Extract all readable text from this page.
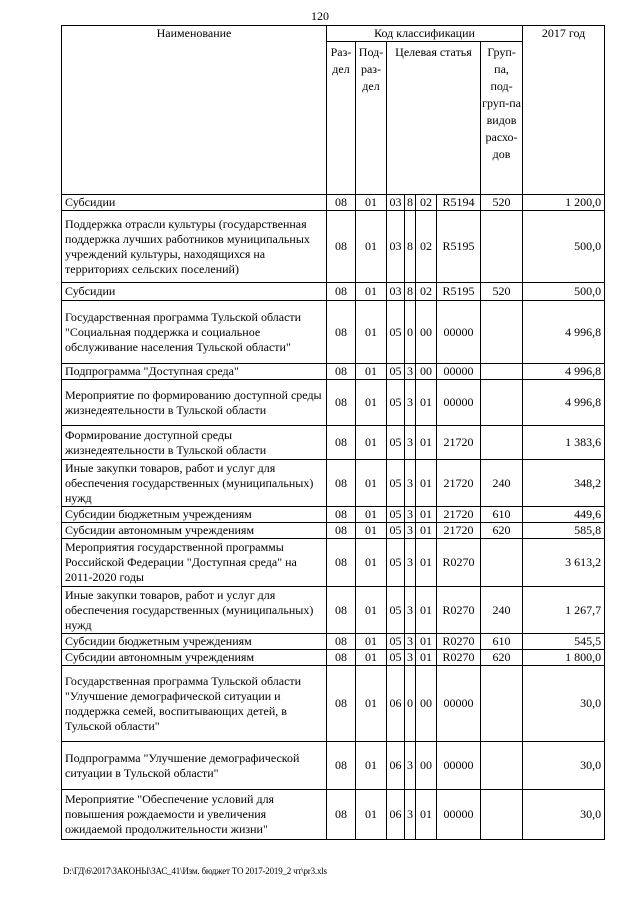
120
Наименование	Код классификации							2017 год
	Раз-дел	Под-раз-дел	Целевая статья				Груп-па, под-груп-па видов расхо-дов	
Субсидии	08	01	03	8	02	R5194	520	1 200,0
Поддержка отрасли культуры (государственная поддержка лучших работников муниципальных учреждений культуры, находящихся на территориях сельских поселений)	08	01	03	8	02	R5195		500,0
Субсидии	08	01	03	8	02	R5195	520	500,0
Государственная программа Тульской области "Социальная поддержка и социальное обслуживание населения Тульской области"	08	01	05	0	00	00000		4 996,8
Подпрограмма "Доступная среда"	08	01	05	3	00	00000		4 996,8
Мероприятие по формированию доступной среды жизнедеятельности в Тульской области	08	01	05	3	01	00000		4 996,8
Формирование доступной среды жизнедеятельности в Тульской области	08	01	05	3	01	21720		1 383,6
Иные закупки товаров, работ и услуг для обеспечения государственных (муниципальных) нужд	08	01	05	3	01	21720	240	348,2
Субсидии бюджетным учреждениям	08	01	05	3	01	21720	610	449,6
Субсидии автономным учреждениям	08	01	05	3	01	21720	620	585,8
Мероприятия государственной программы Российской Федерации "Доступная среда" на 2011-2020 годы	08	01	05	3	01	R0270		3 613,2
Иные закупки товаров, работ и услуг для обеспечения государственных (муниципальных) нужд	08	01	05	3	01	R0270	240	1 267,7
Субсидии бюджетным учреждениям	08	01	05	3	01	R0270	610	545,5
Субсидии автономным учреждениям	08	01	05	3	01	R0270	620	1 800,0
Государственная программа Тульской области "Улучшение демографической ситуации и поддержка семей, воспитывающих детей, в Тульской области"	08	01	06	0	00	00000		30,0
Подпрограмма "Улучшение демографической ситуации в Тульской области"	08	01	06	3	00	00000		30,0
Мероприятие "Обеспечение условий для повышения рождаемости и увеличения ожидаемой продолжительности жизни"	08	01	06	3	01	00000		30,0
D:\ГД\6\2017\ЗАКОНЫ\ЗАС_41\Изм. бюджет ТО 2017-2019_2 чт\pr3.xls
